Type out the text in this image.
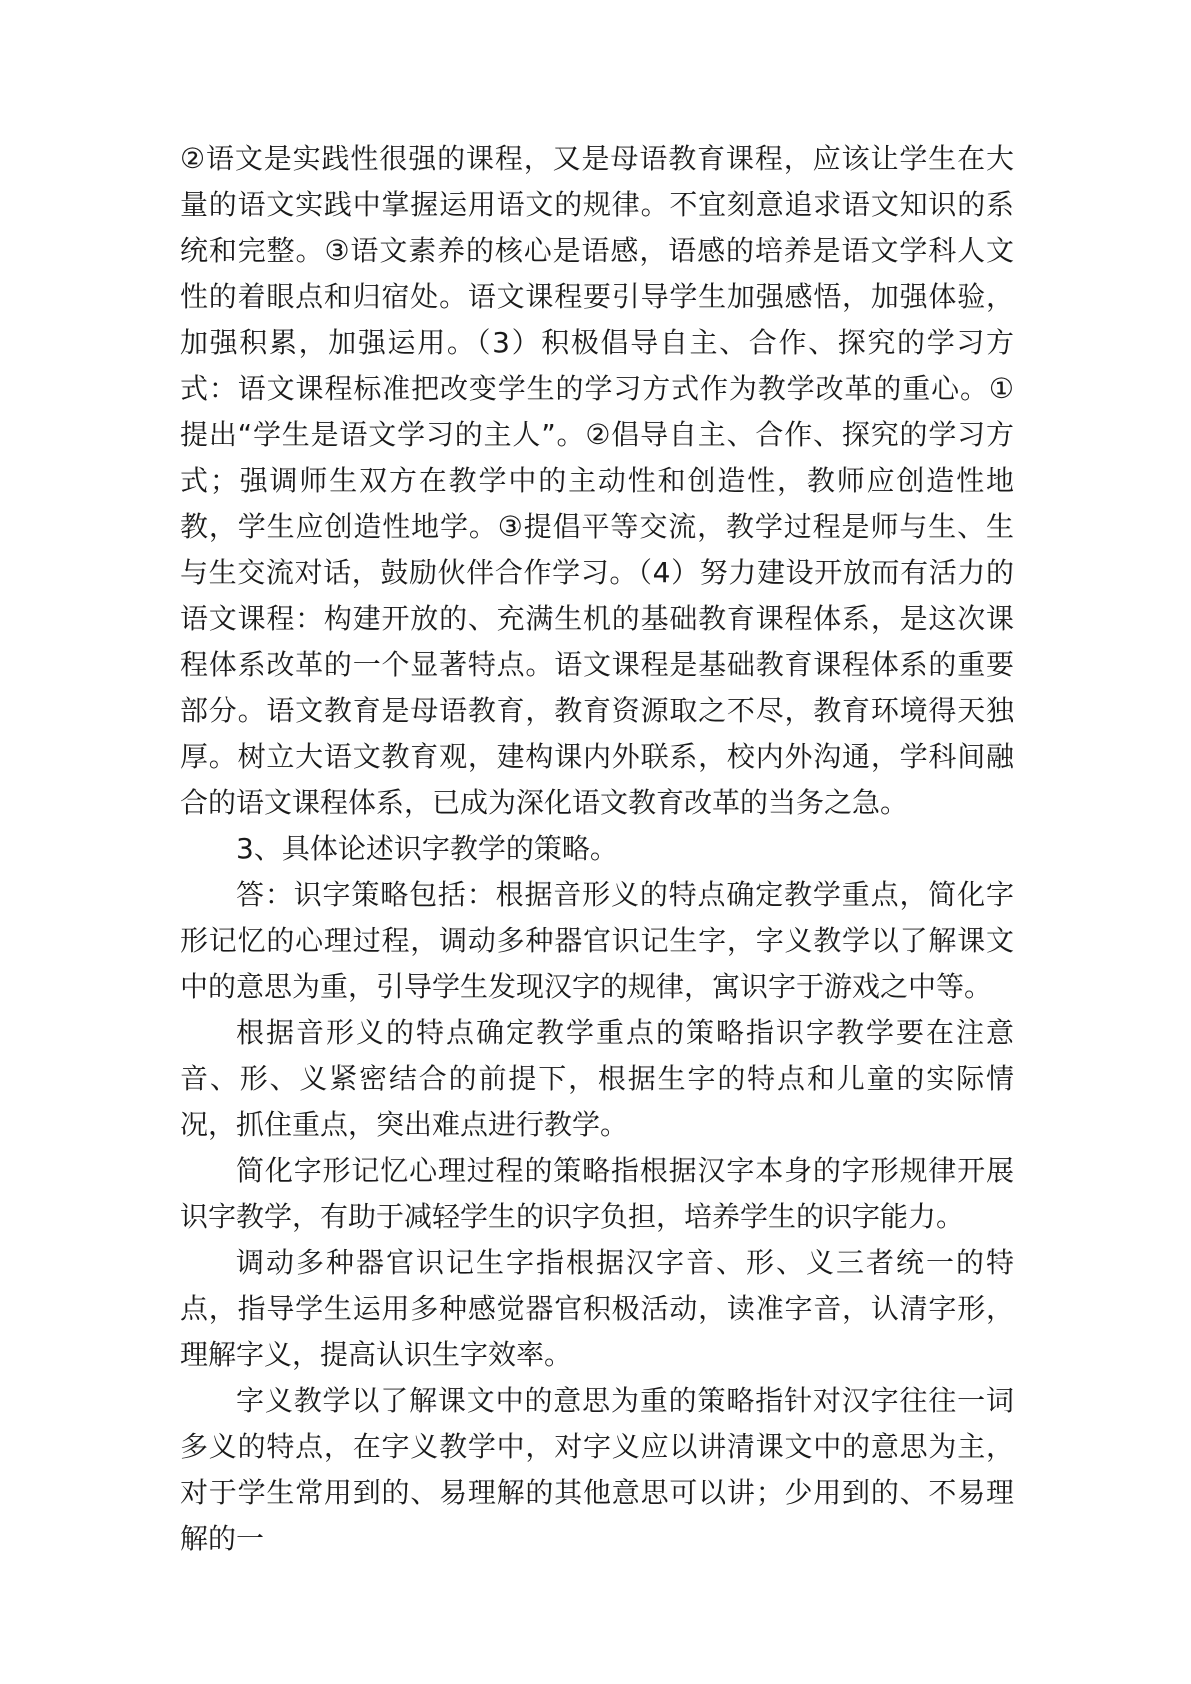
②语文是实践性很强的课程，又是母语教育课程，应该让学生在大量的语文实践中掌握运用语文的规律。不宜刻意追求语文知识的系统和完整。③语文素养的核心是语感，语感的培养是语文学科人文性的着眼点和归宿处。语文课程要引导学生加强感悟，加强体验，加强积累，加强运用。（3）积极倡导自主、合作、探究的学习方式：语文课程标准把改变学生的学习方式作为教学改革的重心。①提出“学生是语文学习的主人”。②倡导自主、合作、探究的学习方式；强调师生双方在教学中的主动性和创造性，教师应创造性地教，学生应创造性地学。③提倡平等交流，教学过程是师与生、生与生交流对话，鼓励伙伴合作学习。（4）努力建设开放而有活力的语文课程：构建开放的、充满生机的基础教育课程体系，是这次课程体系改革的一个显著特点。语文课程是基础教育课程体系的重要部分。语文教育是母语教育，教育资源取之不尽，教育环境得天独厚。树立大语文教育观，建构课内外联系，校内外沟通，学科间融合的语文课程体系，已成为深化语文教育改革的当务之急。

3、具体论述识字教学的策略。

答：识字策略包括：根据音形义的特点确定教学重点，简化字形记忆的心理过程，调动多种器官识记生字，字义教学以了解课文中的意思为重，引导学生发现汉字的规律，寓识字于游戏之中等。

根据音形义的特点确定教学重点的策略指识字教学要在注意音、形、义紧密结合的前提下，根据生字的特点和儿童的实际情况，抓住重点，突出难点进行教学。

简化字形记忆心理过程的策略指根据汉字本身的字形规律开展识字教学，有助于减轻学生的识字负担，培养学生的识字能力。

调动多种器官识记生字指根据汉字音、形、义三者统一的特点，指导学生运用多种感觉器官积极活动，读准字音，认清字形，理解字义，提高认识生字效率。

字义教学以了解课文中的意思为重的策略指针对汉字往往一词多义的特点，在字义教学中，对字义应以讲清课文中的意思为主，对于学生常用到的、易理解的其他意思可以讲；少用到的、不易理解的一
